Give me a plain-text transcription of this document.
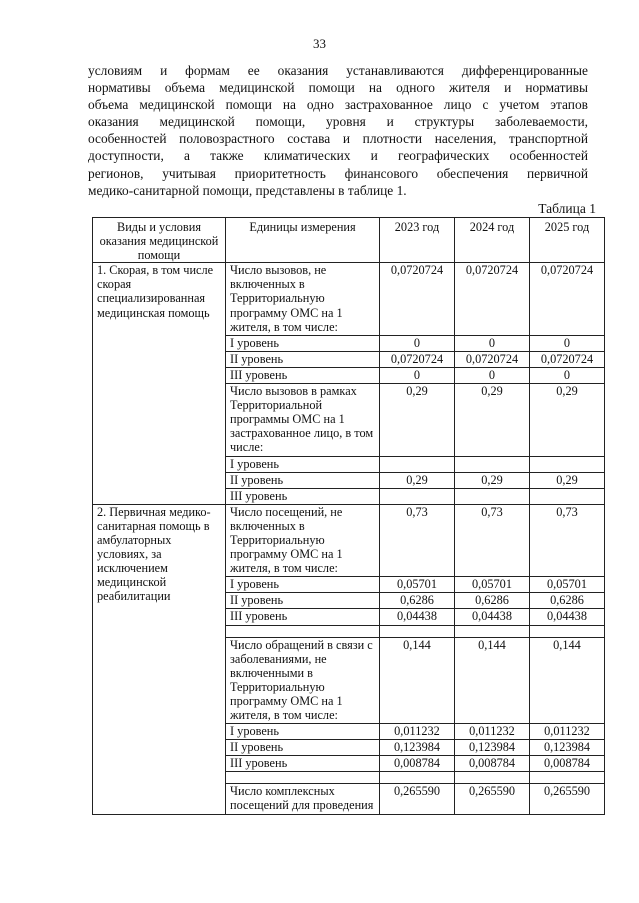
33
условиям и формам ее оказания устанавливаются дифференцированные
нормативы объема медицинской помощи на одного жителя и нормативы
объема медицинской помощи на одно застрахованное лицо с учетом этапов
оказания медицинской помощи, уровня и структуры заболеваемости,
особенностей половозрастного состава и плотности населения, транспортной
доступности, а также климатических и географических особенностей
регионов, учитывая приоритетность финансового обеспечения первичной
медико-санитарной помощи, представлены в таблице 1.
Таблица 1
Виды и условия оказания медицинской помощи	Единицы измерения	2023 год	2024 год	2025 год
1. Скорая, в том числе скорая специализированная медицинская помощь	Число вызовов, не включенных в Территориальную программу ОМС на 1 жителя, в том числе:	0,0720724	0,0720724	0,0720724
	I уровень	0	0	0
	II уровень	0,0720724	0,0720724	0,0720724
	III уровень	0	0	0
	Число вызовов в рамках Территориальной программы ОМС на 1 застрахованное лицо, в том числе:	0,29	0,29	0,29
	I уровень			
	II уровень	0,29	0,29	0,29
	III уровень			
2. Первичная медико-санитарная помощь в амбулаторных условиях, за исключением медицинской реабилитации	Число посещений, не включенных в Территориальную программу ОМС на 1 жителя, в том числе:	0,73	0,73	0,73
	I уровень	0,05701	0,05701	0,05701
	II уровень	0,6286	0,6286	0,6286
	III уровень	0,04438	0,04438	0,04438

	Число обращений в связи с заболеваниями, не включенными в Территориальную программу ОМС на 1 жителя, в том числе:	0,144	0,144	0,144
	I уровень	0,011232	0,011232	0,011232
	II уровень	0,123984	0,123984	0,123984
	III уровень	0,008784	0,008784	0,008784

	Число комплексных посещений для проведения	0,265590	0,265590	0,265590
